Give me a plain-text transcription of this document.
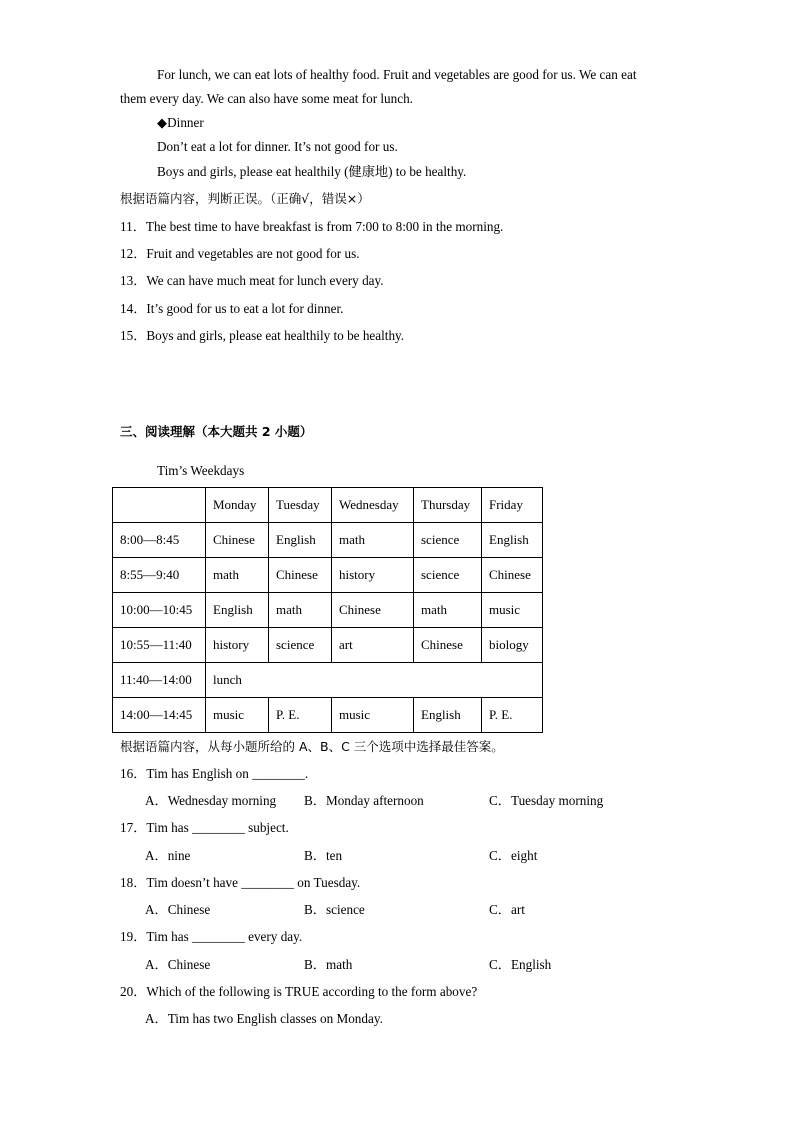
For lunch, we can eat lots of healthy food. Fruit and vegetables are good for us. We can eat
them every day. We can also have some meat for lunch.
◆Dinner
Don’t eat a lot for dinner. It’s not good for us.
Boys and girls, please eat healthily (健康地) to be healthy.
根据语篇内容，判断正误。（正确√，错误×）
11．The best time to have breakfast is from 7:00 to 8:00 in the morning.
12．Fruit and vegetables are not good for us.
13．We can have much meat for lunch every day.
14．It’s good for us to eat a lot for dinner.
15．Boys and girls, please eat healthily to be healthy.
三、阅读理解（本大题共 2 小题）
Tim’s Weekdays
	Monday	Tuesday	Wednesday	Thursday	Friday
8:00—8:45	Chinese	English	math	science	English
8:55—9:40	math	Chinese	history	science	Chinese
10:00—10:45	English	math	Chinese	math	music
10:55—11:40	history	science	art	Chinese	biology
11:40—14:00	lunch				
14:00—14:45	music	P. E.	music	English	P. E.
根据语篇内容，从每小题所给的 A、B、C 三个选项中选择最佳答案。
16．Tim has English on ________.
A．Wednesday morning B．Monday afternoon	C．Tuesday morning
17．Tim has ________ subject.
A．nine	B．ten	C．eight
18．Tim doesn’t have ________ on Tuesday.
A．Chinese	B．science	C．art
19．Tim has ________ every day.
A．Chinese	B．math	C．English
20．Which of the following is TRUE according to the form above?
A．Tim has two English classes on Monday.
